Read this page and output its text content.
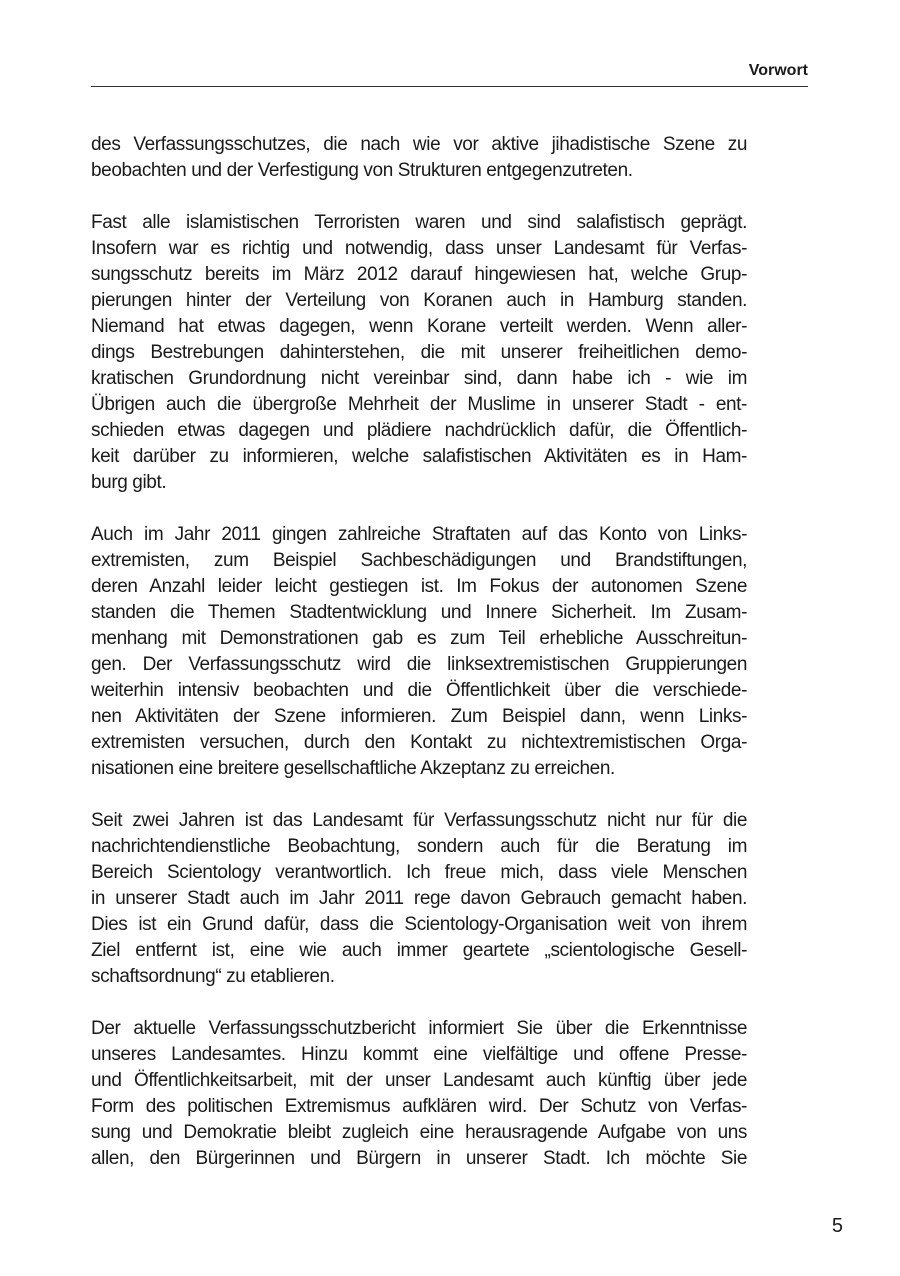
Vorwort
des Verfassungsschutzes, die nach wie vor aktive jihadistische Szene zu
beobachten und der Verfestigung von Strukturen entgegenzutreten.
Fast alle islamistischen Terroristen waren und sind salafistisch geprägt.
Insofern war es richtig und notwendig, dass unser Landesamt für Verfas-
sungsschutz bereits im März 2012 darauf hingewiesen hat, welche Grup-
pierungen hinter der Verteilung von Koranen auch in Hamburg standen.
Niemand hat etwas dagegen, wenn Korane verteilt werden. Wenn aller-
dings Bestrebungen dahinterstehen, die mit unserer freiheitlichen demo-
kratischen Grundordnung nicht vereinbar sind, dann habe ich - wie im
Übrigen auch die übergroße Mehrheit der Muslime in unserer Stadt - ent-
schieden etwas dagegen und plädiere nachdrücklich dafür, die Öffentlich-
keit darüber zu informieren, welche salafistischen Aktivitäten es in Ham-
burg gibt.
Auch im Jahr 2011 gingen zahlreiche Straftaten auf das Konto von Links-
extremisten, zum Beispiel Sachbeschädigungen und Brandstiftungen,
deren Anzahl leider leicht gestiegen ist. Im Fokus der autonomen Szene
standen die Themen Stadtentwicklung und Innere Sicherheit. Im Zusam-
menhang mit Demonstrationen gab es zum Teil erhebliche Ausschreitun-
gen. Der Verfassungsschutz wird die linksextremistischen Gruppierungen
weiterhin intensiv beobachten und die Öffentlichkeit über die verschiede-
nen Aktivitäten der Szene informieren. Zum Beispiel dann, wenn Links-
extremisten versuchen, durch den Kontakt zu nichtextremistischen Orga-
nisationen eine breitere gesellschaftliche Akzeptanz zu erreichen.
Seit zwei Jahren ist das Landesamt für Verfassungsschutz nicht nur für die
nachrichtendienstliche Beobachtung, sondern auch für die Beratung im
Bereich Scientology verantwortlich. Ich freue mich, dass viele Menschen
in unserer Stadt auch im Jahr 2011 rege davon Gebrauch gemacht haben.
Dies ist ein Grund dafür, dass die Scientology-Organisation weit von ihrem
Ziel entfernt ist, eine wie auch immer geartete „scientologische Gesell-
schaftsordnung“ zu etablieren.
Der aktuelle Verfassungsschutzbericht informiert Sie über die Erkenntnisse
unseres Landesamtes. Hinzu kommt eine vielfältige und offene Presse-
und Öffentlichkeitsarbeit, mit der unser Landesamt auch künftig über jede
Form des politischen Extremismus aufklären wird. Der Schutz von Verfas-
sung und Demokratie bleibt zugleich eine herausragende Aufgabe von uns
allen, den Bürgerinnen und Bürgern in unserer Stadt. Ich möchte Sie
5
